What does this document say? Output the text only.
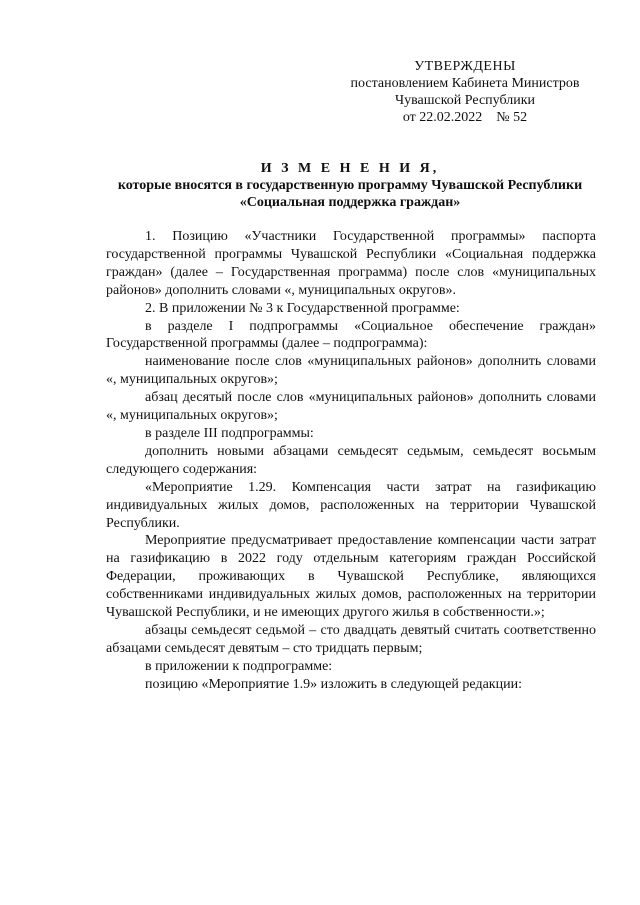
УТВЕРЖДЕНЫ
постановлением Кабинета Министров
Чувашской Республики
от 22.02.2022 № 52
И З М Е Н Е Н И Я,
которые вносятся в государственную программу Чувашской Республики
«Социальная поддержка граждан»

1. Позицию «Участники Государственной программы» паспорта государственной программы Чувашской Республики «Социальная поддержка граждан» (далее – Государственная программа) после слов «муниципальных районов» дополнить словами «, муниципальных округов».

2. В приложении № 3 к Государственной программе:

в разделе I подпрограммы «Социальное обеспечение граждан» Государственной программы (далее – подпрограмма):

наименование после слов «муниципальных районов» дополнить словами «, муниципальных округов»;

абзац десятый после слов «муниципальных районов» дополнить словами «, муниципальных округов»;

в разделе III подпрограммы:

дополнить новыми абзацами семьдесят седьмым, семьдесят восьмым следующего содержания:

«Мероприятие 1.29. Компенсация части затрат на газификацию индивидуальных жилых домов, расположенных на территории Чувашской Республики.

Мероприятие предусматривает предоставление компенсации части затрат на газификацию в 2022 году отдельным категориям граждан Российской Федерации, проживающих в Чувашской Республике, являющихся собственниками индивидуальных жилых домов, расположенных на территории Чувашской Республики, и не имеющих другого жилья в собственности.»;

абзацы семьдесят седьмой – сто двадцать девятый считать соответственно абзацами семьдесят девятым – сто тридцать первым;

в приложении к подпрограмме:

позицию «Мероприятие 1.9» изложить в следующей редакции:
